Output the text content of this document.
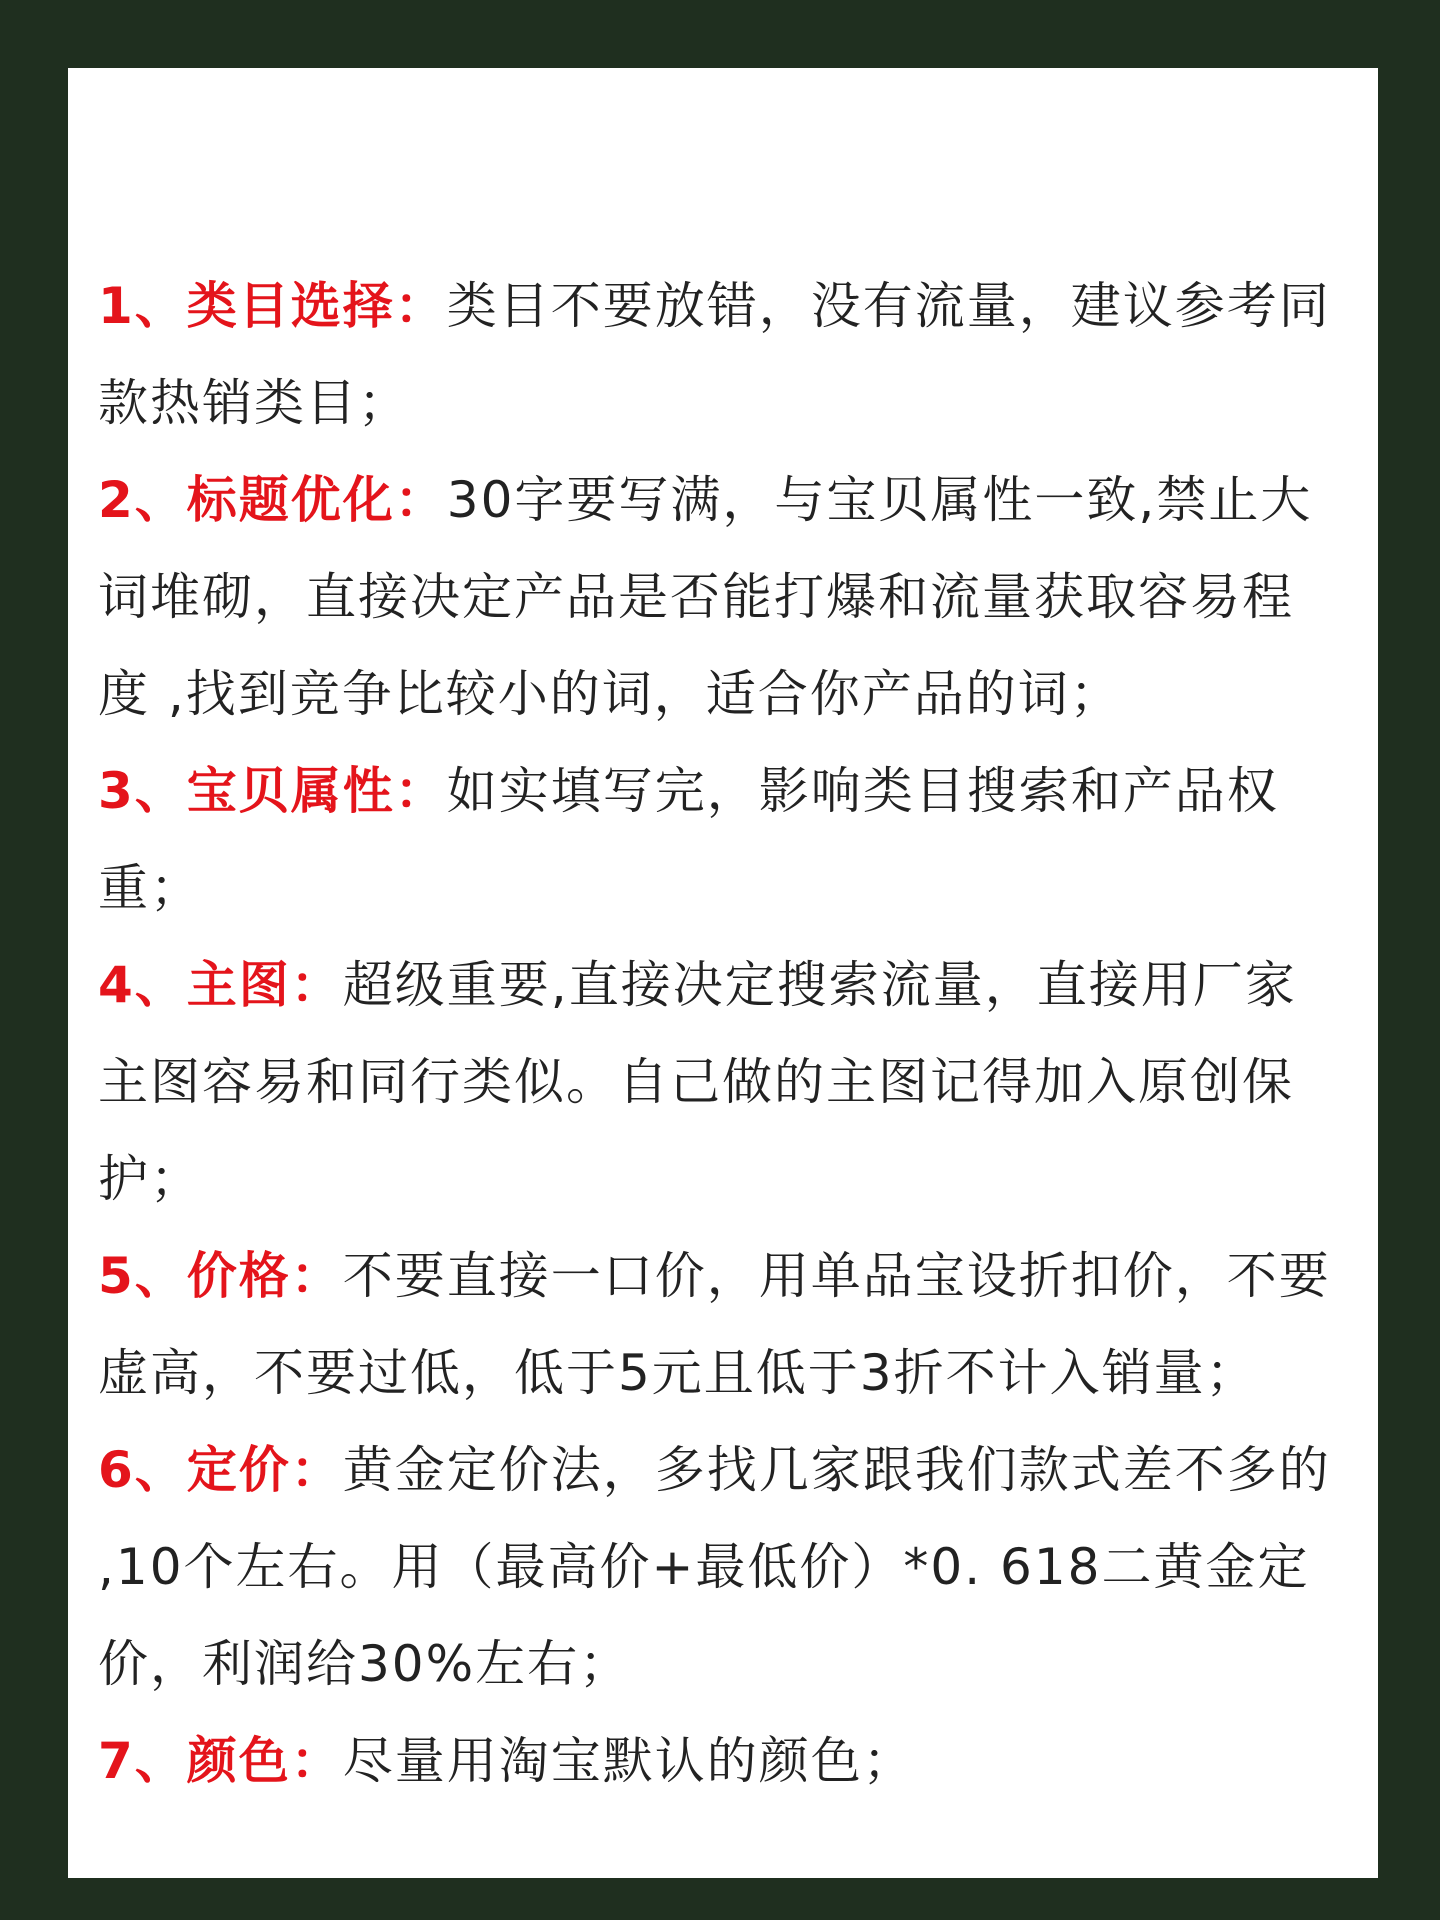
1、类目选择：类目不要放错，没有流量，建议参考同款热销类目；

2、标题优化：30字要写满，与宝贝属性一致,禁止大词堆砌，直接决定产品是否能打爆和流量获取容易程度 ,找到竞争比较小的词，适合你产品的词；

3、宝贝属性：如实填写完，影响类目搜索和产品权重；

4、主图：超级重要,直接决定搜索流量，直接用厂家主图容易和同行类似。自己做的主图记得加入原创保护；

5、价格：不要直接一口价，用单品宝设折扣价，不要虚高，不要过低，低于5元且低于3折不计入销量；

6、定价：黄金定价法，多找几家跟我们款式差不多的 ,10个左右。用（最高价+最低价）*0. 618二黄金定价，利润给30%左右；

7、颜色：尽量用淘宝默认的颜色；
